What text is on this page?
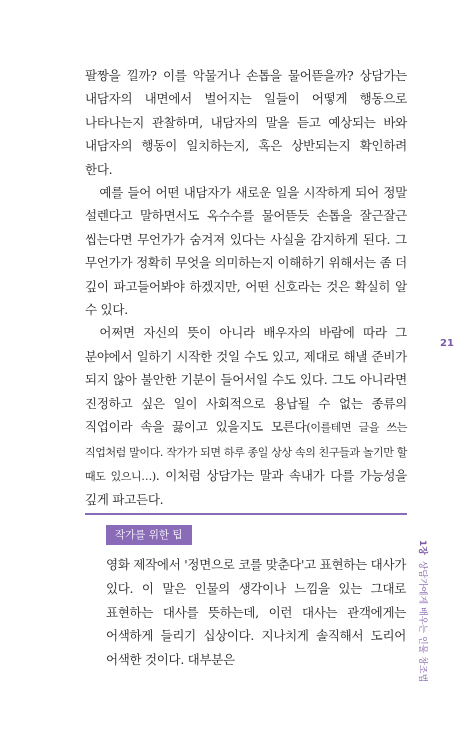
팔짱을 낄까? 이를 악물거나 손톱을 물어뜯을까? 상담가는 내담자의 내면에서 벌어지는 일들이 어떻게 행동으로 나타나는지 관찰하며, 내담자의 말을 듣고 예상되는 바와 내담자의 행동이 일치하는지, 혹은 상반되는지 확인하려 한다.

예를 들어 어떤 내담자가 새로운 일을 시작하게 되어 정말 설렌다고 말하면서도 옥수수를 물어뜯듯 손톱을 잘근잘근 씹는다면 무언가가 숨겨져 있다는 사실을 감지하게 된다. 그 무언가가 정확히 무엇을 의미하는지 이해하기 위해서는 좀 더 깊이 파고들어봐야 하겠지만, 어떤 신호라는 것은 확실히 알 수 있다.

어쩌면 자신의 뜻이 아니라 배우자의 바람에 따라 그 분야에서 일하기 시작한 것일 수도 있고, 제대로 해낼 준비가 되지 않아 불안한 기분이 들어서일 수도 있다. 그도 아니라면 진정하고 싶은 일이 사회적으로 용납될 수 없는 종류의 직업이라 속을 끓이고 있을지도 모른다(이를테면 글을 쓰는 직업처럼 말이다. 작가가 되면 하루 종일 상상 속의 친구들과 놀기만 할 때도 있으니…). 이처럼 상담가는 말과 속내가 다를 가능성을 깊게 파고든다.

21
1장  상담가에게 배우는 인물 창조법
작가를 위한 팁

영화 제작에서 '정면으로 코를 맞춘다'고 표현하는 대사가 있다. 이 말은 인물의 생각이나 느낌을 있는 그대로 표현하는 대사를 뜻하는데, 이런 대사는 관객에게는 어색하게 들리기 십상이다. 지나치게 솔직해서 도리어 어색한 것이다. 대부분은
